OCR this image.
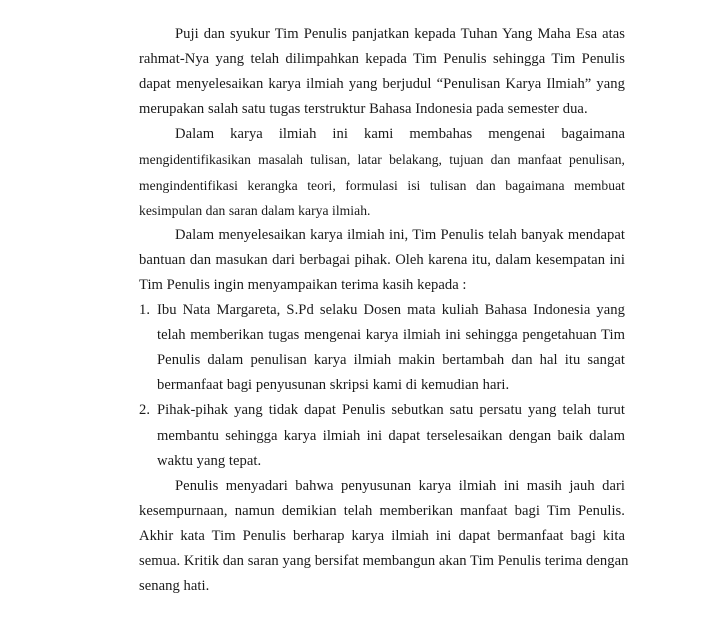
Puji dan syukur Tim Penulis panjatkan kepada Tuhan Yang Maha Esa atas
rahmat-Nya yang telah dilimpahkan kepada Tim Penulis sehingga Tim Penulis
dapat menyelesaikan karya ilmiah yang berjudul “Penulisan Karya Ilmiah” yang
merupakan salah satu tugas terstruktur Bahasa Indonesia pada semester dua.
Dalam karya ilmiah ini kami membahas mengenai bagaimana
mengidentifikasikan masalah tulisan, latar belakang, tujuan dan manfaat penulisan,
mengindentifikasi kerangka teori, formulasi isi tulisan dan bagaimana membuat
kesimpulan dan saran dalam karya ilmiah.
Dalam menyelesaikan karya ilmiah ini, Tim Penulis telah banyak mendapat
bantuan dan masukan dari berbagai pihak. Oleh karena itu, dalam kesempatan ini
Tim Penulis ingin menyampaikan terima kasih kepada :
1. Ibu Nata Margareta, S.Pd selaku Dosen mata kuliah Bahasa Indonesia yang
telah memberikan tugas mengenai karya ilmiah ini sehingga pengetahuan Tim
Penulis dalam penulisan karya ilmiah makin bertambah dan hal itu sangat
bermanfaat bagi penyusunan skripsi kami di kemudian hari.
2. Pihak-pihak yang tidak dapat Penulis sebutkan satu persatu yang telah turut
membantu sehingga karya ilmiah ini dapat terselesaikan dengan baik dalam
waktu yang tepat.
Penulis menyadari bahwa penyusunan karya ilmiah ini masih jauh dari
kesempurnaan, namun demikian telah memberikan manfaat bagi Tim Penulis.
Akhir kata Tim Penulis berharap karya ilmiah ini dapat bermanfaat bagi kita
semua. Kritik dan saran yang bersifat membangun akan Tim Penulis terima dengan
senang hati.
